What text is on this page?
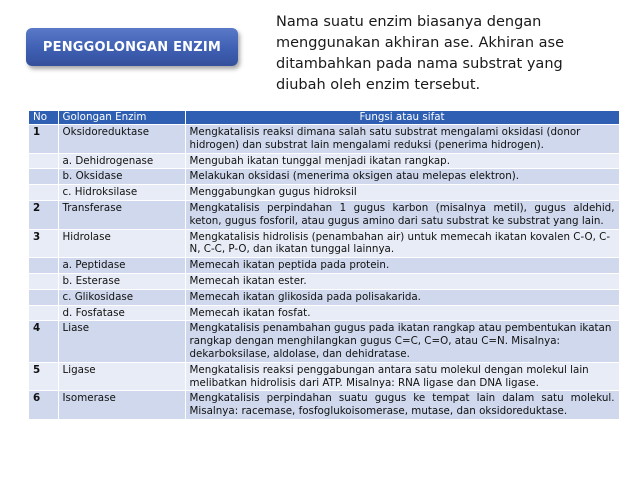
PENGGOLONGAN ENZIM
Nama suatu enzim biasanya dengan
menggunakan akhiran ase. Akhiran ase
ditambahkan pada nama substrat yang
diubah oleh enzim tersebut.
No	Golongan Enzim	Fungsi atau sifat
1	Oksidoreduktase	Mengkatalisis reaksi dimana salah satu substrat mengalami oksidasi (donor hidrogen) dan substrat lain mengalami reduksi (penerima hidrogen).
	a. Dehidrogenase	Mengubah ikatan tunggal menjadi ikatan rangkap.
	b. Oksidase	Melakukan oksidasi (menerima oksigen atau melepas elektron).
	c. Hidroksilase	Menggabungkan gugus hidroksil
2	Transferase	Mengkatalisis perpindahan 1 gugus karbon (misalnya metil), gugus aldehid, keton, gugus fosforil, atau gugus amino dari satu substrat ke substrat yang lain.
3	Hidrolase	Mengkatalisis hidrolisis (penambahan air) untuk memecah ikatan kovalen C-O, C-N, C-C, P-O, dan ikatan tunggal lainnya.
	a. Peptidase	Memecah ikatan peptida pada protein.
	b. Esterase	Memecah ikatan ester.
	c. Glikosidase	Memecah ikatan glikosida pada polisakarida.
	d. Fosfatase	Memecah ikatan fosfat.
4	Liase	Mengkatalisis penambahan gugus pada ikatan rangkap atau pembentukan ikatan rangkap dengan menghilangkan gugus C=C, C=O, atau C=N. Misalnya: dekarboksilase, aldolase, dan dehidratase.
5	Ligase	Mengkatalisis reaksi penggabungan antara satu molekul dengan molekul lain melibatkan hidrolisis dari ATP. Misalnya: RNA ligase dan DNA ligase.
6	Isomerase	Mengkatalisis perpindahan suatu gugus ke tempat lain dalam satu molekul. Misalnya: racemase, fosfoglukoisomerase, mutase, dan oksidoreduktase.
